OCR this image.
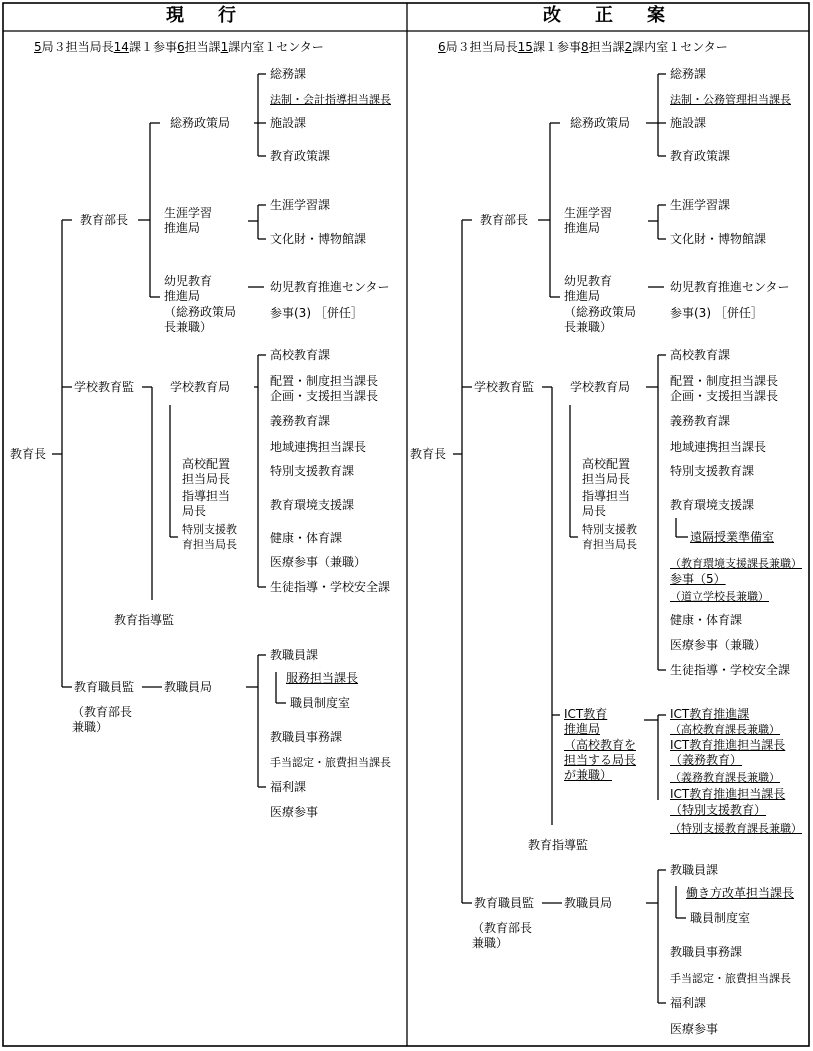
現　行	改　正　案
5局３担当局長14課１参事6担当課1課内室１センター	6局３担当局長15課１参事8担当課2課内室１センター
教育長
教育部長
総務政策局
総務課
法制・会計指導担当課長
施設課
教育政策課
生涯学習
推進局
生涯学習課
文化財・博物館課
幼児教育
推進局
（総務政策局
長兼職）
幼児教育推進センター
参事(3) ［併任］
学校教育監	学校教育局
高校教育課
配置・制度担当課長
企画・支援担当課長
義務教育課
地域連携担当課長
特別支援教育課
教育環境支援課
健康・体育課
医療参事（兼職）
生徒指導・学校安全課
高校配置
担当局長
指導担当
局長
特別支援教
育担当局長
教育指導監
教育職員監
（教育部長
兼職）
教職員局
教職員課
服務担当課長
職員制度室
教職員事務課
手当認定・旅費担当課長
福利課
医療参事
教育長
教育部長
総務政策局
総務課
法制・公務管理担当課長
施設課
教育政策課
生涯学習
推進局
生涯学習課
文化財・博物館課
幼児教育
推進局
（総務政策局
長兼職）
幼児教育推進センター
参事(3) ［併任］
学校教育監	学校教育局
高校教育課
配置・制度担当課長
企画・支援担当課長
義務教育課
地域連携担当課長
特別支援教育課
教育環境支援課
遠隔授業準備室
（教育環境支援課長兼職）
参事（5）
（道立学校長兼職）
健康・体育課
医療参事（兼職）
生徒指導・学校安全課
高校配置
担当局長
指導担当
局長
特別支援教
育担当局長
ICT教育
推進局
（高校教育を
担当する局長
が兼職）
ICT教育推進課
（高校教育課長兼職）
ICT教育推進担当課長
（義務教育）
（義務教育課長兼職）
ICT教育推進担当課長
（特別支援教育）
（特別支援教育課長兼職）
教育指導監
教育職員監
（教育部長
兼職）
教職員局
教職員課
働き方改革担当課長
職員制度室
教職員事務課
手当認定・旅費担当課長
福利課
医療参事
